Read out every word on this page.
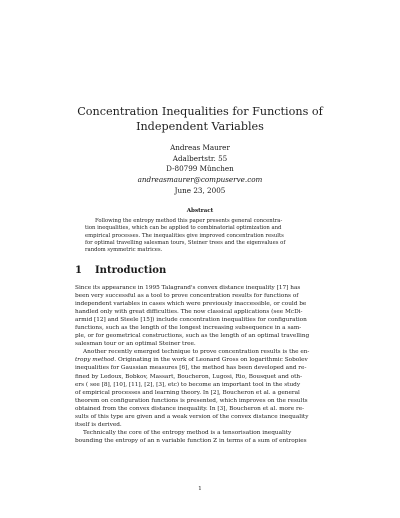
Concentration Inequalities for Functions of
Independent Variables
Andreas Maurer
Adalbertstr. 55
D-80799 München
andreasmaurer@compuserve.com
June 23, 2005
Abstract
Following the entropy method this paper presents general concentra-
tion inequalities, which can be applied to combinatorial optimization and
empirical processes. The inequalities give improved concentration results
for optimal travelling salesman tours, Steiner trees and the eigenvalues of
random symmetric matrices.
1 Introduction
Since its appearance in 1995 Talagrand's convex distance inequality [17] has
been very successful as a tool to prove concentration results for functions of
independent variables in cases which were previously inaccessible, or could be
handled only with great difficulties. The now classical applications (see McDi-
armid [12] and Steele [15]) include concentration inequalities for configuration
functions, such as the length of the longest increasing subsequence in a sam-
ple, or for geometrical constructions, such as the length of an optimal travelling
salesman tour or an optimal Steiner tree.
Another recently emerged technique to prove concentration results is the en-
tropy method. Originating in the work of Leonard Gross on logarithmic Sobolev
inequalities for Gaussian measures [6], the method has been developed and re-
fined by Ledoux, Bobkov, Massart, Boucheron, Lugosi, Rio, Bousquet and oth-
ers ( see [8], [10], [11], [2], [3], etc) to become an important tool in the study
of empirical processes and learning theory. In [2], Boucheron et al. a general
theorem on configuration functions is presented, which improves on the results
obtained from the convex distance inequality. In [3], Boucheron et al. more re-
sults of this type are given and a weak version of the convex distance inequality
itself is derived.
Technically the core of the entropy method is a tensorisation inequality
bounding the entropy of an n variable function Z in terms of a sum of entropies
1
